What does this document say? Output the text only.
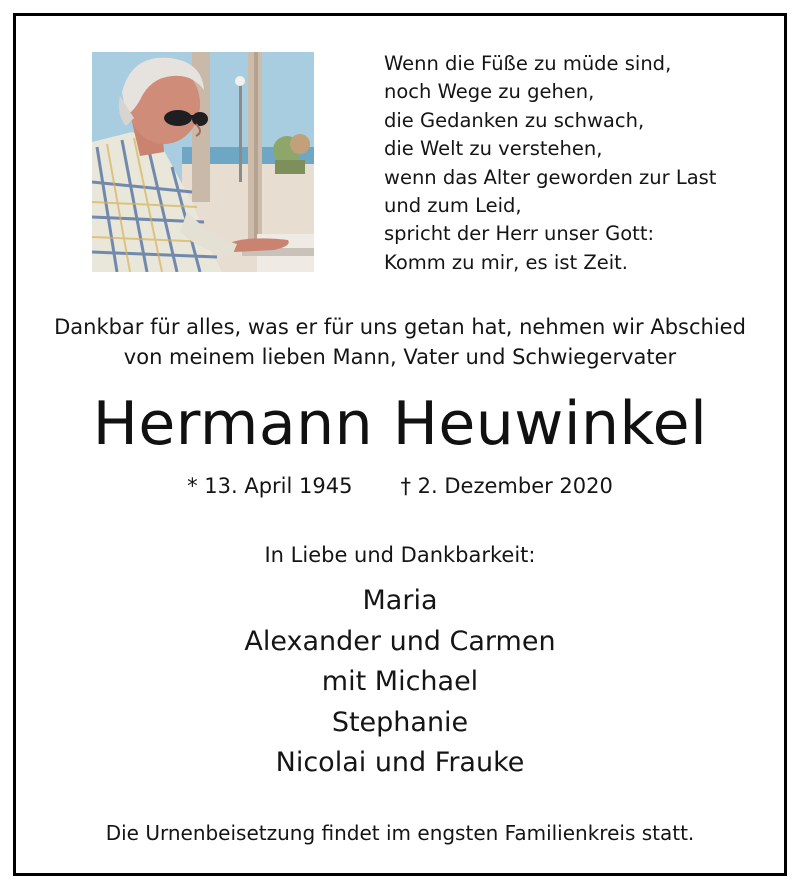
Wenn die Füße zu müde sind,
noch Wege zu gehen,
die Gedanken zu schwach,
die Welt zu verstehen,
wenn das Alter geworden zur Last
und zum Leid,
spricht der Herr unser Gott:
Komm zu mir, es ist Zeit.
Dankbar für alles, was er für uns getan hat, nehmen wir Abschied
von meinem lieben Mann, Vater und Schwiegervater
Hermann Heuwinkel
* 13. April 1945 † 2. Dezember 2020
In Liebe und Dankbarkeit:
Maria
Alexander und Carmen
mit Michael
Stephanie
Nicolai und Frauke
Die Urnenbeisetzung findet im engsten Familienkreis statt.
